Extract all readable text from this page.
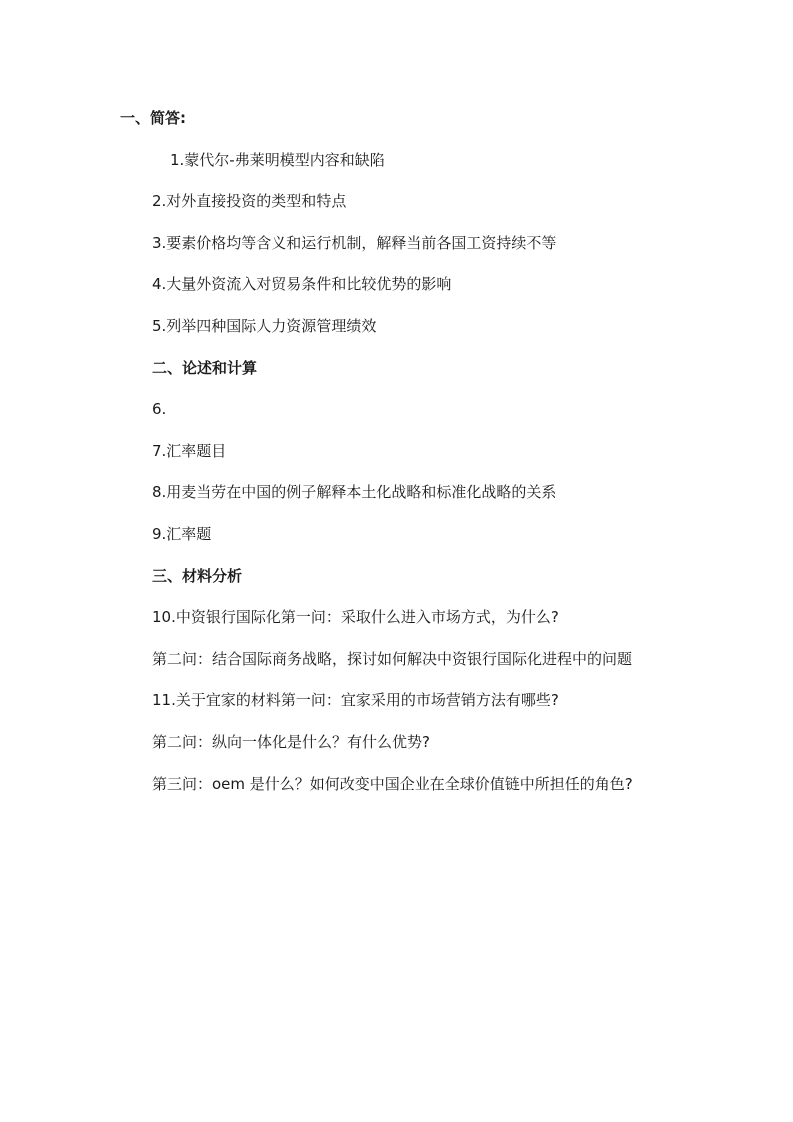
一、简答:
1.蒙代尔-弗莱明模型内容和缺陷
2.对外直接投资的类型和特点
3.要素价格均等含义和运行机制，解释当前各国工资持续不等
4.大量外资流入对贸易条件和比较优势的影响
5.列举四种国际人力资源管理绩效
二、论述和计算
6.
7.汇率题目
8.用麦当劳在中国的例子解释本土化战略和标准化战略的关系
9.汇率题
三、材料分析
10.中资银行国际化第一问：采取什么进入市场方式，为什么?
第二问：结合国际商务战略，探讨如何解决中资银行国际化进程中的问题
11.关于宜家的材料第一问：宜家采用的市场营销方法有哪些?
第二问：纵向一体化是什么？有什么优势?
第三问：oem 是什么？如何改变中国企业在全球价值链中所担任的角色?
